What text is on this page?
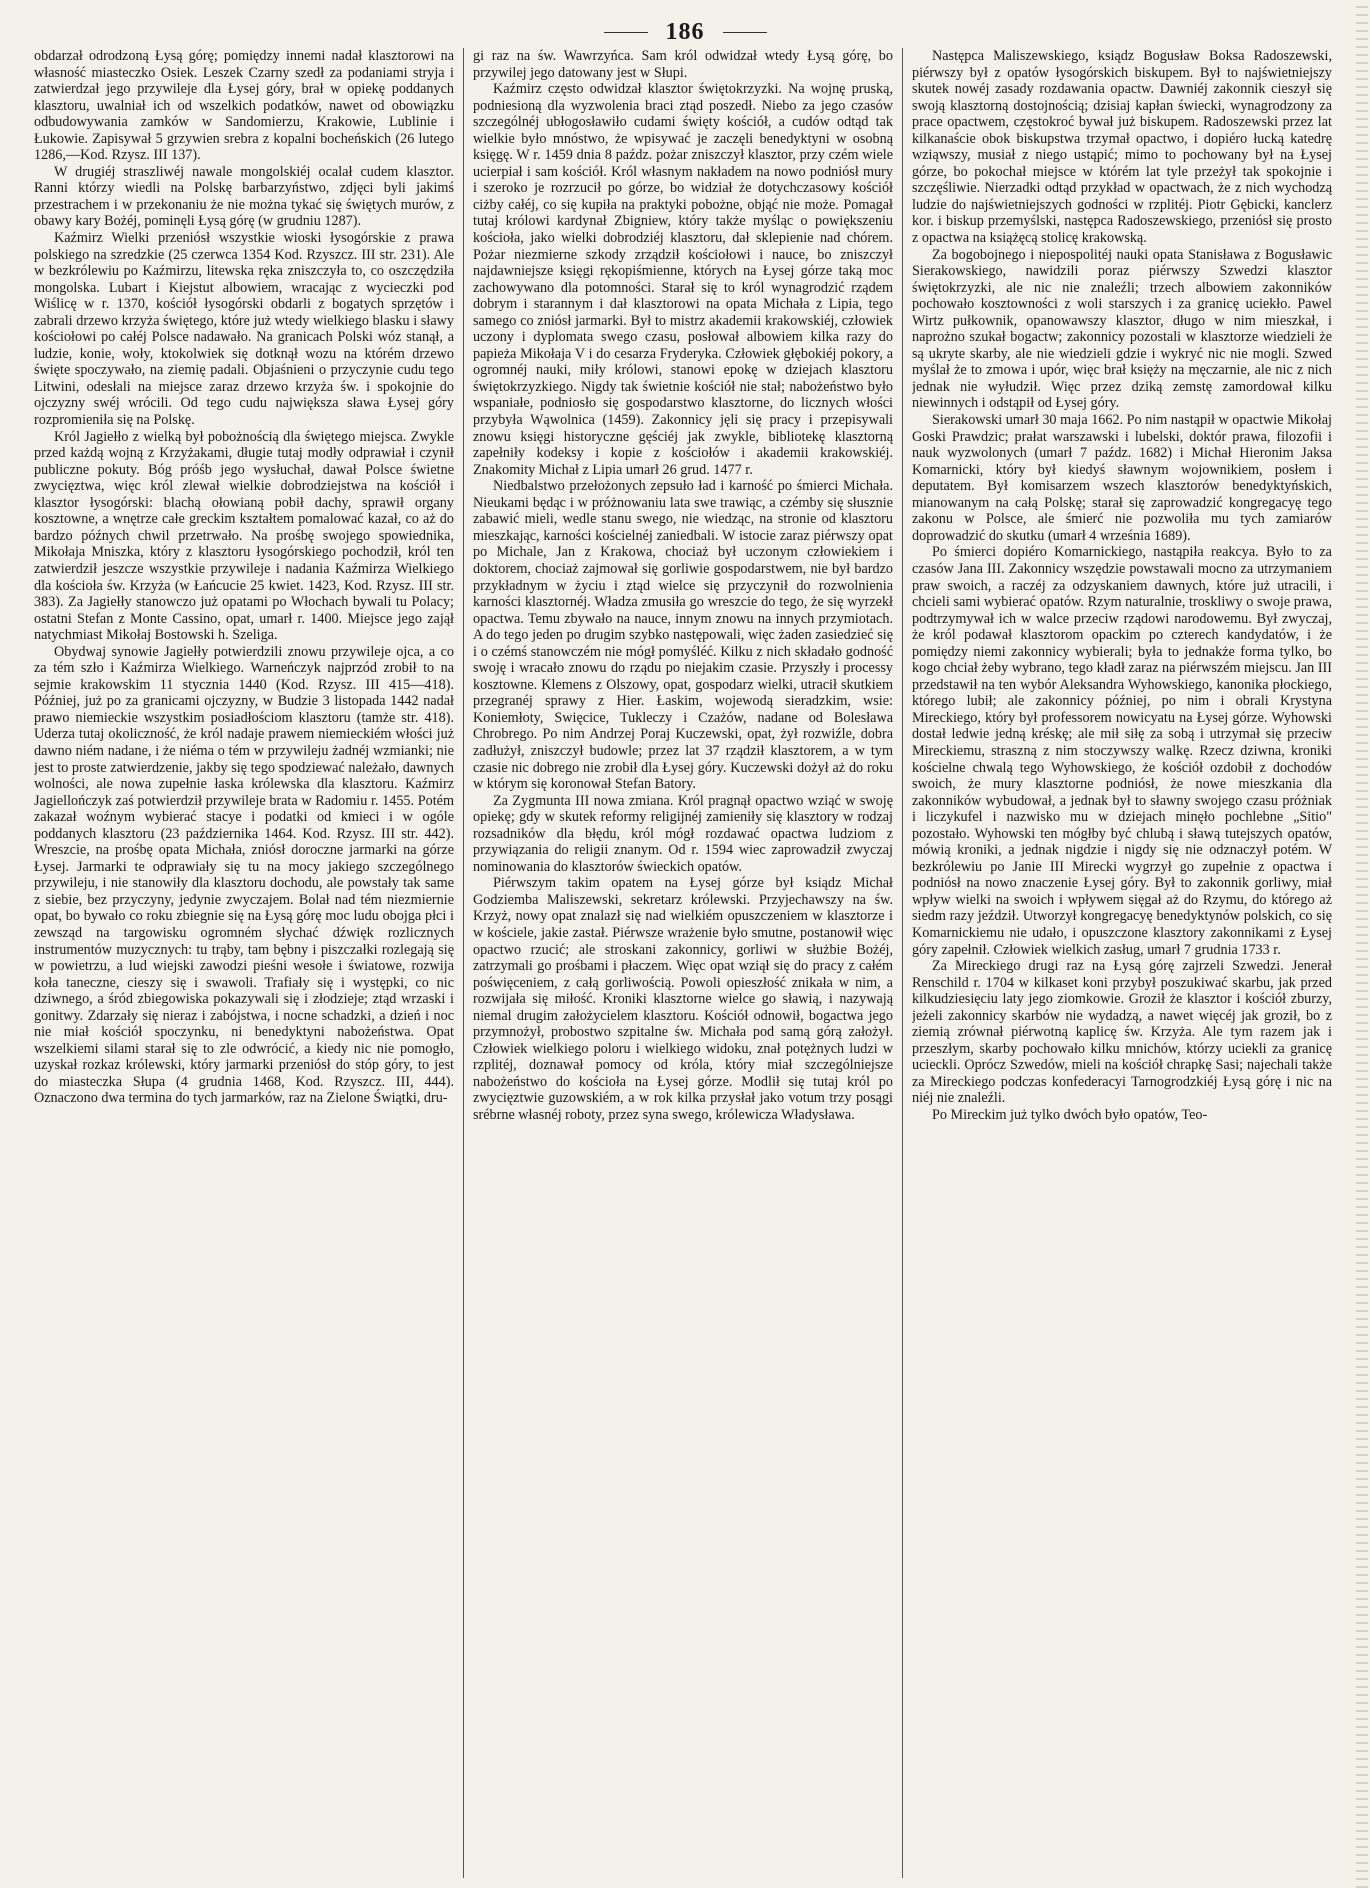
186

obdarzał odrodzoną Łysą górę; pomiędzy innemi nadał klasztorowi na własność miasteczko Osiek. Leszek Czarny szedł za podaniami stryja i zatwierdzał jego przywileje dla Łysej góry, brał w opiekę poddanych klasztoru, uwalniał ich od wszelkich podatków, nawet od obowiązku odbudowywania zamków w Sandomierzu, Krakowie, Lublinie i Łukowie. Zapisywał 5 grzywien srebra z kopalni bocheńskich (26 lutego 1286,—Kod. Rzysz. III 137).

W drugiéj straszliwéj nawale mongolskiéj ocalał cudem klasztor. Ranni którzy wiedli na Polskę barbarzyństwo, zdjęci byli jakimś przestrachem i w przekonaniu że nie można tykać się świętych murów, z obawy kary Bożéj, pominęli Łysą górę (w grudniu 1287).

Kaźmirz Wielki przeniósł wszystkie wioski łysogórskie z prawa polskiego na szredzkie (25 czerwca 1354 Kod. Rzyszcz. III str. 231). Ale w bezkrólewiu po Kaźmirzu, litewska ręka zniszczyła to, co oszczędziła mongolska. Lubart i Kiejstut albowiem, wracając z wycieczki pod Wiślicę w r. 1370, kościół łysogórski obdarli z bogatych sprzętów i zabrali drzewo krzyża świętego, które już wtedy wielkiego blasku i sławy kościołowi po całéj Polsce nadawało. Na granicach Polski wóz stanął, a ludzie, konie, woły, ktokolwiek się dotknął wozu na którém drzewo święte spoczywało, na ziemię padali. Objaśnieni o przyczynie cudu tego Litwini, odesłali na miejsce zaraz drzewo krzyża św. i spokojnie do ojczyzny swéj wrócili. Od tego cudu największa sława Łysej góry rozpromieniła się na Polskę.

Król Jagiełło z wielką był pobożnością dla świętego miejsca. Zwykle przed każdą wojną z Krzyżakami, długie tutaj modły odprawiał i czynił publiczne pokuty. Bóg próśb jego wysłuchał, dawał Polsce świetne zwycięztwa, więc król zlewał wielkie dobrodziejstwa na kościół i klasztor łysogórski: blachą ołowianą pobił dachy, sprawił organy kosztowne, a wnętrze całe greckim kształtem pomalować kazał, co aż do bardzo późnych chwil przetrwało. Na prośbę swojego spowiednika, Mikołaja Mniszka, który z klasztoru łysogórskiego pochodził, król ten zatwierdził jeszcze wszystkie przywileje i nadania Kaźmirza Wielkiego dla kościoła św. Krzyża (w Łańcucie 25 kwiet. 1423, Kod. Rzysz. III str. 383). Za Jagiełły stanowczo już opatami po Włochach bywali tu Polacy; ostatni Stefan z Monte Cassino, opat, umarł r. 1400. Miejsce jego zajął natychmiast Mikołaj Bostowski h. Szeliga.

Obydwaj synowie Jagiełły potwierdzili znowu przywileje ojca, a co za tém szło i Kaźmirza Wielkiego. Warneńczyk najprzód zrobił to na sejmie krakowskim 11 stycznia 1440 (Kod. Rzysz. III 415—418). Później, już po za granicami ojczyzny, w Budzie 3 listopada 1442 nadał prawo niemieckie wszystkim posiadłościom klasztoru (tamże str. 418). Uderza tutaj okoliczność, że król nadaje prawem niemieckiém włości już dawno niém nadane, i że niéma o tém w przywileju żadnéj wzmianki; nie jest to proste zatwierdzenie, jakby się tego spodziewać należało, dawnych wolności, ale nowa zupełnie łaska królewska dla klasztoru. Kaźmirz Jagiellończyk zaś potwierdził przywileje brata w Radomiu r. 1455. Potém zakazał woźnym wybierać stacye i podatki od kmieci i w ogóle poddanych klasztoru (23 października 1464. Kod. Rzysz. III str. 442). Wreszcie, na prośbę opata Michała, zniósł doroczne jarmarki na górze Łysej. Jarmarki te odprawiały się tu na mocy jakiego szczególnego przywileju, i nie stanowiły dla klasztoru dochodu, ale powstały tak same z siebie, bez przyczyny, jedynie zwyczajem. Bolał nad tém niezmiernie opat, bo bywało co roku zbiegnie się na Łysą górę moc ludu obojga płci i zewsząd na targowisku ogromném słychać dźwięk rozlicznych instrumentów muzycznych: tu trąby, tam bębny i piszczałki rozlegają się w powietrzu, a lud wiejski zawodzi pieśni wesołe i światowe, rozwija koła taneczne, cieszy się i swawoli. Trafiały się i występki, co nic dziwnego, a śród zbiegowiska pokazywali się i złodzieje; ztąd wrzaski i gonitwy. Zdarzały się nieraz i zabójstwa, i nocne schadzki, a dzień i noc nie miał kościół spoczynku, ni benedyktyni nabożeństwa. Opat wszelkiemi silami starał się to zle odwrócić, a kiedy nic nie pomogło, uzyskał rozkaz królewski, który jarmarki przeniósł do stóp góry, to jest do miasteczka Słupa (4 grudnia 1468, Kod. Rzyszcz. III, 444). Oznaczono dwa termina do tych jarmarków, raz na Zielone Świątki, dru-

gi raz na św. Wawrzyńca. Sam król odwidzał wtedy Łysą górę, bo przywilej jego datowany jest w Słupi.

Kaźmirz często odwidzał klasztor świętokrzyzki. Na wojnę pruską, podniesioną dla wyzwolenia braci ztąd poszedł. Niebo za jego czasów szczególnéj ubłogosławiło cudami święty kościół, a cudów odtąd tak wielkie było mnóstwo, że wpisywać je zaczęli benedyktyni w osobną księgę. W r. 1459 dnia 8 paźdz. pożar zniszczył klasztor, przy czém wiele ucierpiał i sam kościół. Król własnym nakładem na nowo podniósł mury i szeroko je rozrzucił po górze, bo widział że dotychczasowy kościół ciżby całéj, co się kupiła na praktyki pobożne, objąć nie może. Pomagał tutaj królowi kardynał Zbigniew, który także myśląc o powiększeniu kościoła, jako wielki dobrodziéj klasztoru, dał sklepienie nad chórem. Pożar niezmierne szkody zrządził kościołowi i nauce, bo zniszczył najdawniejsze księgi rękopiśmienne, których na Łysej górze taką moc zachowywano dla potomności. Starał się to król wynagrodzić rządem dobrym i starannym i dał klasztorowi na opata Michała z Lipia, tego samego co zniósł jarmarki. Był to mistrz akademii krakowskiéj, człowiek uczony i dyplomata swego czasu, posłował albowiem kilka razy do papieża Mikołaja V i do cesarza Fryderyka. Człowiek głębokiéj pokory, a ogromnéj nauki, miły królowi, stanowi epokę w dziejach klasztoru świętokrzyzkiego. Nigdy tak świetnie kościół nie stał; nabożeństwo było wspaniałe, podniosło się gospodarstwo klasztorne, do licznych włości przybyła Wąwolnica (1459). Zakonnicy jęli się pracy i przepisywali znowu księgi historyczne gęściéj jak zwykle, bibliotekę klasztorną zapełniły kodeksy i kopie z kościołów i akademii krakowskiéj. Znakomity Michał z Lipia umarł 26 grud. 1477 r.

Niedbalstwo przełożonych zepsuło ład i karność po śmierci Michała. Nieukami będąc i w próżnowaniu lata swe trawiąc, a czémby się słusznie zabawić mieli, wedle stanu swego, nie wiedząc, na stronie od klasztoru mieszkając, karności kościelnéj zaniedbali. W istocie zaraz piérwszy opat po Michale, Jan z Krakowa, chociaż był uczonym człowiekiem i doktorem, chociaż zajmował się gorliwie gospodarstwem, nie był bardzo przykładnym w życiu i ztąd wielce się przyczynił do rozwolnienia karności klasztornéj. Władza zmusiła go wreszcie do tego, że się wyrzekł opactwa. Temu zbywało na nauce, innym znowu na innych przymiotach. A do tego jeden po drugim szybko następowali, więc żaden zasiedzieć się i o czémś stanowczém nie mógł pomyśléć. Kilku z nich składało godność swoję i wracało znowu do rządu po niejakim czasie. Przyszły i processy kosztowne. Klemens z Olszowy, opat, gospodarz wielki, utracił skutkiem przegranéj sprawy z Hier. Łaskim, wojewodą sieradzkim, wsie: Koniemłoty, Swięcice, Tukleczy i Czażów, nadane od Bolesława Chrobrego. Po nim Andrzej Poraj Kuczewski, opat, żył rozwiźle, dobra zadłużył, zniszczył budowle; przez lat 37 rządził klasztorem, a w tym czasie nic dobrego nie zrobił dla Łysej góry. Kuczewski dożył aż do roku w którym się koronował Stefan Batory.

Za Zygmunta III nowa zmiana. Król pragnął opactwo wziąć w swoję opiekę; gdy w skutek reformy religijnéj zamieniły się klasztory w rodzaj rozsadników dla błędu, król mógł rozdawać opactwa ludziom z przywiązania do religii znanym. Od r. 1594 wiec zaprowadził zwyczaj nominowania do klasztorów świeckich opatów.

Piérwszym takim opatem na Łysej górze był ksiądz Michał Godziemba Maliszewski, sekretarz królewski. Przyjechawszy na św. Krzyż, nowy opat znalazł się nad wielkiém opuszczeniem w klasztorze i w kościele, jakie zastał. Piérwsze wrażenie było smutne, postanowił więc opactwo rzucić; ale stroskani zakonnicy, gorliwi w służbie Bożéj, zatrzymali go prośbami i płaczem. Więc opat wziął się do pracy z całém poświęceniem, z całą gorliwością. Powoli opieszłość znikała w nim, a rozwijała się miłość. Kroniki klasztorne wielce go sławią, i nazywają niemal drugim założycielem klasztoru. Kościół odnowił, bogactwa jego przymnożył, probostwo szpitalne św. Michała pod samą górą założył. Człowiek wielkiego poloru i wielkiego widoku, znał potężnych ludzi w rzplitéj, doznawał pomocy od króla, który miał szczególniejsze nabożeństwo do kościoła na Łysej górze. Modlił się tutaj król po zwycięztwie guzowskiém, a w rok kilka przysłał jako votum trzy posągi srébrne własnéj roboty, przez syna swego, królewicza Władysława.

Następca Maliszewskiego, ksiądz Bogusław Boksa Radoszewski, piérwszy był z opatów łysogórskich biskupem. Był to najświetniejszy skutek nowéj zasady rozdawania opactw. Dawniéj zakonnik cieszył się swoją klasztorną dostojnością; dzisiaj kapłan świecki, wynagrodzony za prace opactwem, częstokroć bywał już biskupem. Radoszewski przez lat kilkanaście obok biskupstwa trzymał opactwo, i dopiéro łucką katedrę wziąwszy, musiał z niego ustąpić; mimo to pochowany był na Łysej górze, bo pokochał miejsce w którém lat tyle przeżył tak spokojnie i szczęśliwie. Nierzadki odtąd przykład w opactwach, że z nich wychodzą ludzie do najświetniejszych godności w rzplitéj. Piotr Gębicki, kanclerz kor. i biskup przemyślski, następca Radoszewskiego, przeniósł się prosto z opactwa na książęcą stolicę krakowską.

Za bogobojnego i niepospolitéj nauki opata Stanisława z Bogusławic Sierakowskiego, nawidzili poraz piérwszy Szwedzi klasztor świętokrzyzki, ale nic nie znaleźli; trzech albowiem zakonników pochowało kosztowności z woli starszych i za granicę uciekło. Pawel Wirtz pułkownik, opanowawszy klasztor, długo w nim mieszkał, i naprożno szukał bogactw; zakonnicy pozostali w klasztorze wiedzieli że są ukryte skarby, ale nie wiedzieli gdzie i wykryć nic nie mogli. Szwed myślał że to zmowa i upór, więc brał księży na męczarnie, ale nic z nich jednak nie wyłudził. Więc przez dziką zemstę zamordował kilku niewinnych i odstąpił od Łysej góry.

Sierakowski umarł 30 maja 1662. Po nim nastąpił w opactwie Mikołaj Goski Prawdzic; prałat warszawski i lubelski, doktór prawa, filozofii i nauk wyzwolonych (umarł 7 paźdz. 1682) i Michał Hieronim Jaksa Komarnicki, który był kiedyś sławnym wojownikiem, posłem i deputatem. Był komisarzem wszech klasztorów benedyktyńskich, mianowanym na całą Polskę; starał się zaprowadzić kongregacyę tego zakonu w Polsce, ale śmierć nie pozwoliła mu tych zamiarów doprowadzić do skutku (umarł 4 września 1689).

Po śmierci dopiéro Komarnickiego, nastąpiła reakcya. Było to za czasów Jana III. Zakonnicy wszędzie powstawali mocno za utrzymaniem praw swoich, a raczéj za odzyskaniem dawnych, które już utracili, i chcieli sami wybierać opatów. Rzym naturalnie, troskliwy o swoje prawa, podtrzymywał ich w walce przeciw rządowi narodowemu. Był zwyczaj, że król podawał klasztorom opackim po czterech kandydatów, i że pomiędzy niemi zakonnicy wybierali; była to jednakże forma tylko, bo kogo chciał żeby wybrano, tego kładł zaraz na piérwszém miejscu. Jan III przedstawił na ten wybór Aleksandra Wyhowskiego, kanonika płockiego, którego lubił; ale zakonnicy później, po nim i obrali Krystyna Mireckiego, który był professorem nowicyatu na Łysej górze. Wyhowski dostał ledwie jedną kréskę; ale mił siłę za sobą i utrzymał się przeciw Mireckiemu, straszną z nim stoczywszy walkę. Rzecz dziwna, kroniki kościelne chwalą tego Wyhowskiego, że kościół ozdobił z dochodów swoich, że mury klasztorne podniósł, że nowe mieszkania dla zakonników wybudował, a jednak był to sławny swojego czasu próżniak i liczykufel i nazwisko mu w dziejach minęło pochlebne „Sitio" pozostało. Wyhowski ten mógłby być chlubą i sławą tutejszych opatów, mówią kroniki, a jednak nigdzie i nigdy się nie odznaczył potém. W bezkrólewiu po Janie III Mirecki wygrzył go zupełnie z opactwa i podniósł na nowo znaczenie Łysej góry. Był to zakonnik gorliwy, miał wpływ wielki na swoich i wpływem sięgał aż do Rzymu, do którego aż siedm razy jeździł. Utworzył kongregacyę benedyktynów polskich, co się Komarnickiemu nie udało, i opuszczone klasztory zakonnikami z Łysej góry zapełnił. Człowiek wielkich zasług, umarł 7 grudnia 1733 r.

Za Mireckiego drugi raz na Łysą górę zajrzeli Szwedzi. Jenerał Renschild r. 1704 w kilkaset koni przybył poszukiwać skarbu, jak przed kilkudziesięciu laty jego ziomkowie. Groził że klasztor i kościół zburzy, jeżeli zakonnicy skarbów nie wydadzą, a nawet więcéj jak groził, bo z ziemią zrównał piérwotną kaplicę św. Krzyża. Ale tym razem jak i przeszłym, skarby pochowało kilku mnichów, którzy uciekli za granicę ucieckli. Oprócz Szwedów, mieli na kościół chrapkę Sasi; najechali także za Mireckiego podczas konfederacyi Tarnogrodzkiéj Łysą górę i nic na niéj nie znaleźli.

Po Mireckim już tylko dwóch było opatów, Teo-
